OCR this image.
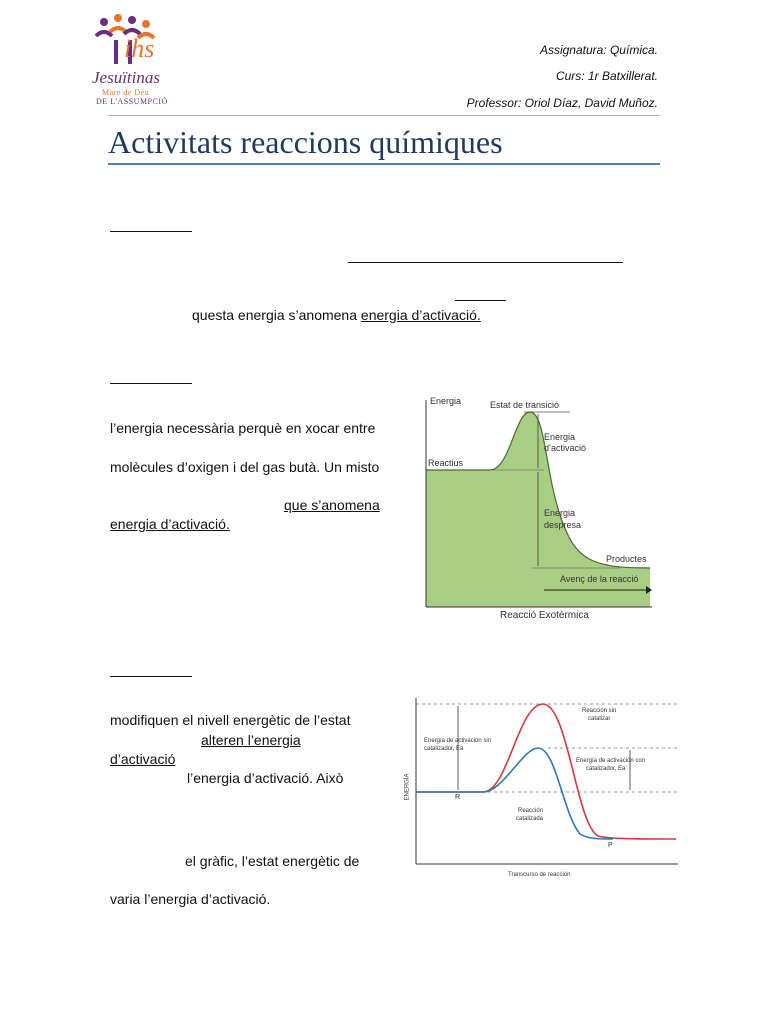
ihs
Jesuïtinas
Mare de Déu
DE L'ASSUMPCIÓ
Assignatura: Química.
Curs: 1r Batxillerat.
Professor: Oriol Díaz, David Muñoz.
Activitats reaccions químiques
questa energia s’anomena energia d’activació.
l’energia necessària perquè en xocar entre
molècules d’oxigen i del gas butà. Un misto
que s’anomena
energia d’activació.
Energia	Estat de transició
Reactius
Energia
d’activació
Energia
despresa
Productes
Avenç de la reacció
Reacció Exotèrmica
modifiquen el nivell energètic de l’estat
alteren l’energia
d’activació
l’energia d’activació. Això
el gràfic, l’estat energètic de
varia l’energia d’activació.
ENERGÍA
Reacción sin
catalizar
Energía de activación sin
catalizador, Ea
Energía de activación con
catalizador, Ea’
Reacción
catalizada
R
P
Transcurso de reacción
